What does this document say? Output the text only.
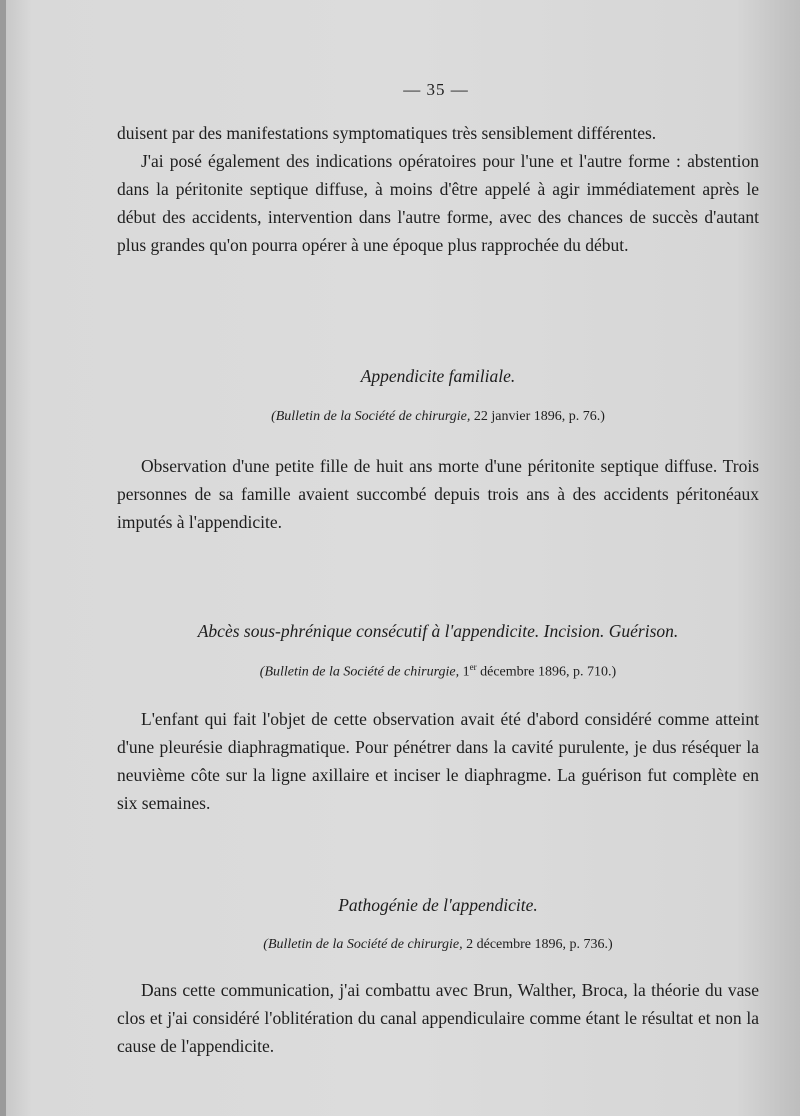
— 35 —

duisent par des manifestations symptomatiques très sensiblement différentes.

J'ai posé également des indications opératoires pour l'une et l'autre forme : abstention dans la péritonite septique diffuse, à moins d'être appelé à agir immédiatement après le début des accidents, intervention dans l'autre forme, avec des chances de succès d'autant plus grandes qu'on pourra opérer à une époque plus rapprochée du début.

Appendicite familiale.
(Bulletin de la Société de chirurgie, 22 janvier 1896, p. 76.)

Observation d'une petite fille de huit ans morte d'une péritonite septique diffuse. Trois personnes de sa famille avaient succombé depuis trois ans à des accidents péritonéaux imputés à l'appendicite.

Abcès sous-phrénique consécutif à l'appendicite. Incision. Guérison.
(Bulletin de la Société de chirurgie, 1er décembre 1896, p. 710.)

L'enfant qui fait l'objet de cette observation avait été d'abord considéré comme atteint d'une pleurésie diaphragmatique. Pour pénétrer dans la cavité purulente, je dus réséquer la neuvième côte sur la ligne axillaire et inciser le diaphragme. La guérison fut complète en six semaines.

Pathogénie de l'appendicite.
(Bulletin de la Société de chirurgie, 2 décembre 1896, p. 736.)

Dans cette communication, j'ai combattu avec Brun, Walther, Broca, la théorie du vase clos et j'ai considéré l'oblitération du canal appendiculaire comme étant le résultat et non la cause de l'appendicite.
